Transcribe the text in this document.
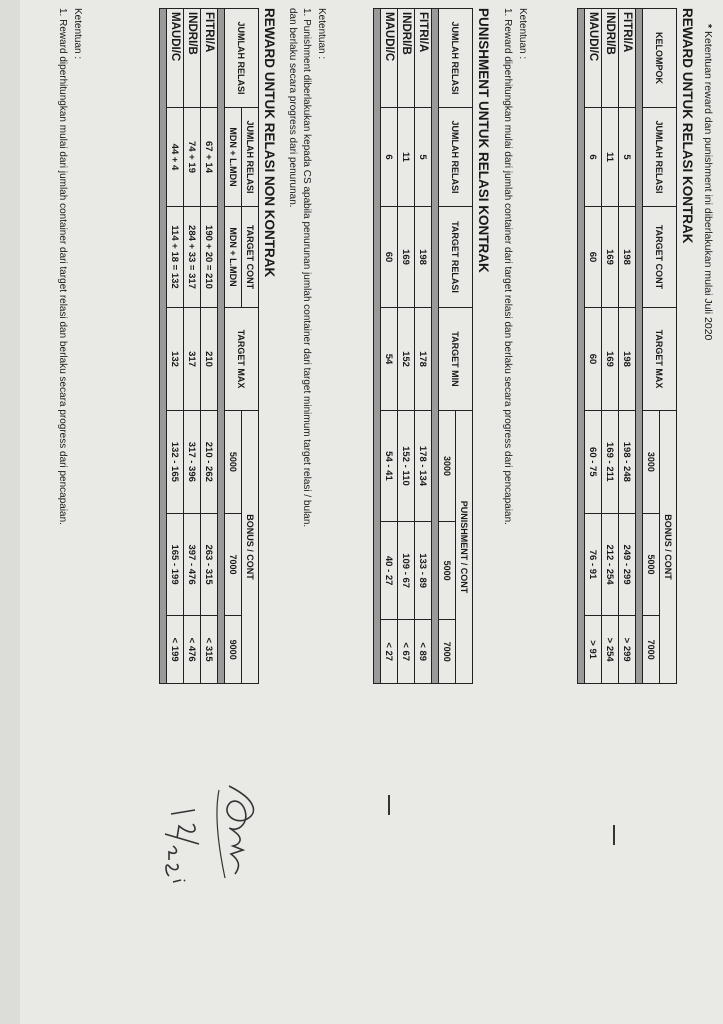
* Ketentuan reward dan punishment ini diberlakukan mulai Juli 2020
REWARD UNTUK RELASI KONTRAK
KELOMPOK	JUMLAH RELASI	TARGET CONT	TARGET MAX	BONUS / CONT		
				3000	5000	7000

FITRI/A	5	198	198	198 - 248	249 - 299	> 299
INDRI/B	11	169	169	169 - 211	212 - 254	> 254
MAUDI/C	6	60	60	60 - 75	76 - 91	> 91

Ketentuan :
1. Reward diperhitungkan mulai dari jumlah container dari target relasi dan berlaku secara progress dari pencapaian.
PUNISHMENT UNTUK RELASI KONTRAK
JUMLAH RELASI	JUMLAH RELASI	TARGET RELASI	TARGET MIN	PUNISHMENT / CONT		
				3000	5000	7000

FITRI/A	5	198	178	178 - 134	133 - 89	< 89
INDRI/B	11	169	152	152 - 110	109 - 67	< 67
MAUDI/C	6	60	54	54 - 41	40 - 27	< 27

Ketentuan :
1. Punishment diberlakukan kepada CS apabila penurunan jumlah container dari target minimum target relasi / bulan.
dan berlaku secara progress dari penurunan.
REWARD UNTUK RELASI NON KONTRAK
JUMLAH RELASI	JUMLAH RELASI	TARGET CONT	TARGET MAX	BONUS / CONT		
	MDN + L.MDN	MDN + L.MDN		5000	7000	9000

FITRI/A	67 + 14	190 + 20 = 210	210	210 - 262	263 - 315	< 315
INDRI/B	74 + 19	284 + 33 = 317	317	317 - 396	397 - 476	< 476
MAUDI/C	44 + 4	114 + 18 = 132	132	132 - 165	165 - 199	< 199

Ketentuan :
1. Reward diperhitungkan mulai dari jumlah container dari target relasi dan berlaku secara progress dari pencapaian.
